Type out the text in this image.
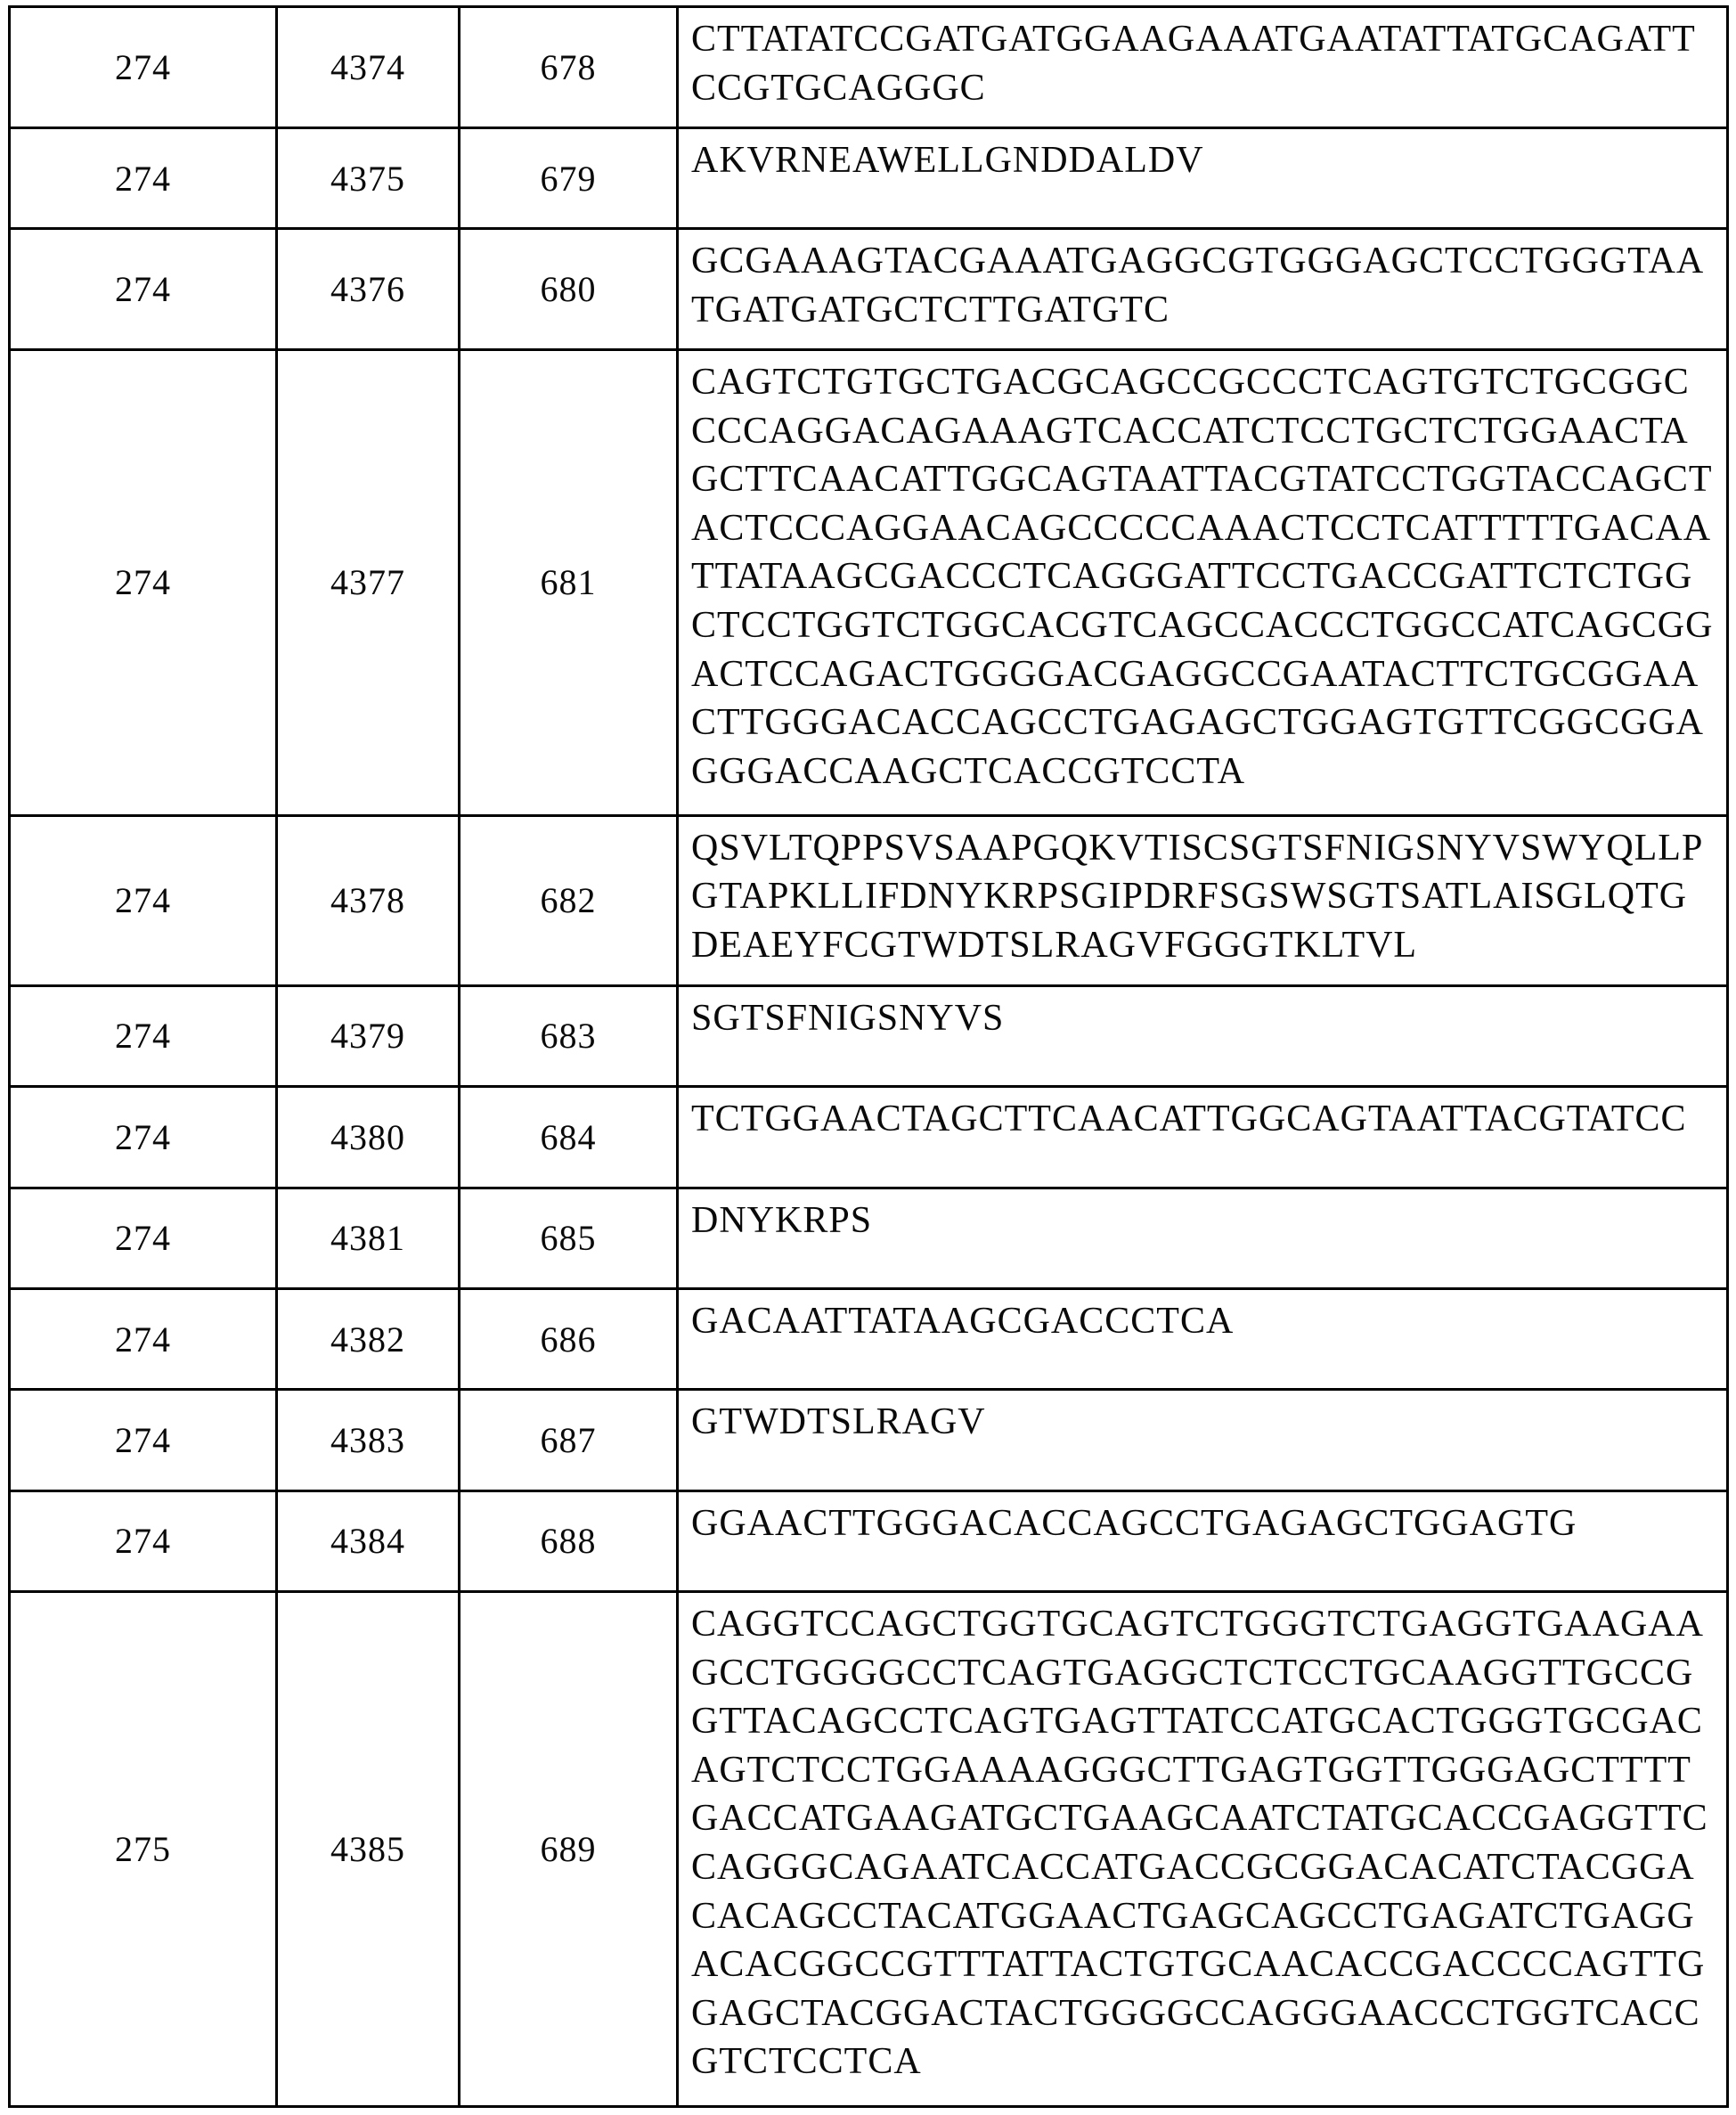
274	4374	678	CTTATATCCGATGATGGAAGAAATGAATATTATGCAGATTCCGTGCAGGGC
274	4375	679	AKVRNEAWELLGNDDALDV
274	4376	680	GCGAAAGTACGAAATGAGGCGTGGGAGCTCCTGGGTAATGATGATGCTCTTGATGTC
274	4377	681	CAGTCTGTGCTGACGCAGCCGCCCTCAGTGTCTGCGGCCCCAGGACAGAAAGTCACCATCTCCTGCTCTGGAACTAGCTTCAACATTGGCAGTAATTACGTATCCTGGTACCAGCTACTCCCAGGAACAGCCCCCAAACTCCTCATTTTTGACAATTATAAGCGACCCTCAGGGATTCCTGACCGATTCTCTGGCTCCTGGTCTGGCACGTCAGCCACCCTGGCCATCAGCGGACTCCAGACTGGGGACGAGGCCGAATACTTCTGCGGAACTTGGGACACCAGCCTGAGAGCTGGAGTGTTCGGCGGAGGGACCAAGCTCACCGTCCTA
274	4378	682	QSVLTQPPSVSAAPGQKVTISCSGTSFNIGSNYVSWYQLLPGTAPKLLIFDNYKRPSGIPDRFSGSWSGTSATLAISGLQTGDEAEYFCGTWDTSLRAGVFGGGTKLTVL
274	4379	683	SGTSFNIGSNYVS
274	4380	684	TCTGGAACTAGCTTCAACATTGGCAGTAATTACGTATCC
274	4381	685	DNYKRPS
274	4382	686	GACAATTATAAGCGACCCTCA
274	4383	687	GTWDTSLRAGV
274	4384	688	GGAACTTGGGACACCAGCCTGAGAGCTGGAGTG
275	4385	689	CAGGTCCAGCTGGTGCAGTCTGGGTCTGAGGTGAAGAAGCCTGGGGCCTCAGTGAGGCTCTCCTGCAAGGTTGCCGGTTACAGCCTCAGTGAGTTATCCATGCACTGGGTGCGACAGTCTCCTGGAAAAGGGCTTGAGTGGTTGGGAGCTTTTGACCATGAAGATGCTGAAGCAATCTATGCACCGAGGTTCCAGGGCAGAATCACCATGACCGCGGACACATCTACGGACACAGCCTACATGGAACTGAGCAGCCTGAGATCTGAGGACACGGCCGTTTATTACTGTGCAACACCGACCCCAGTTGGAGCTACGGACTACTGGGGCCAGGGAACCCTGGTCACCGTCTCCTCA
